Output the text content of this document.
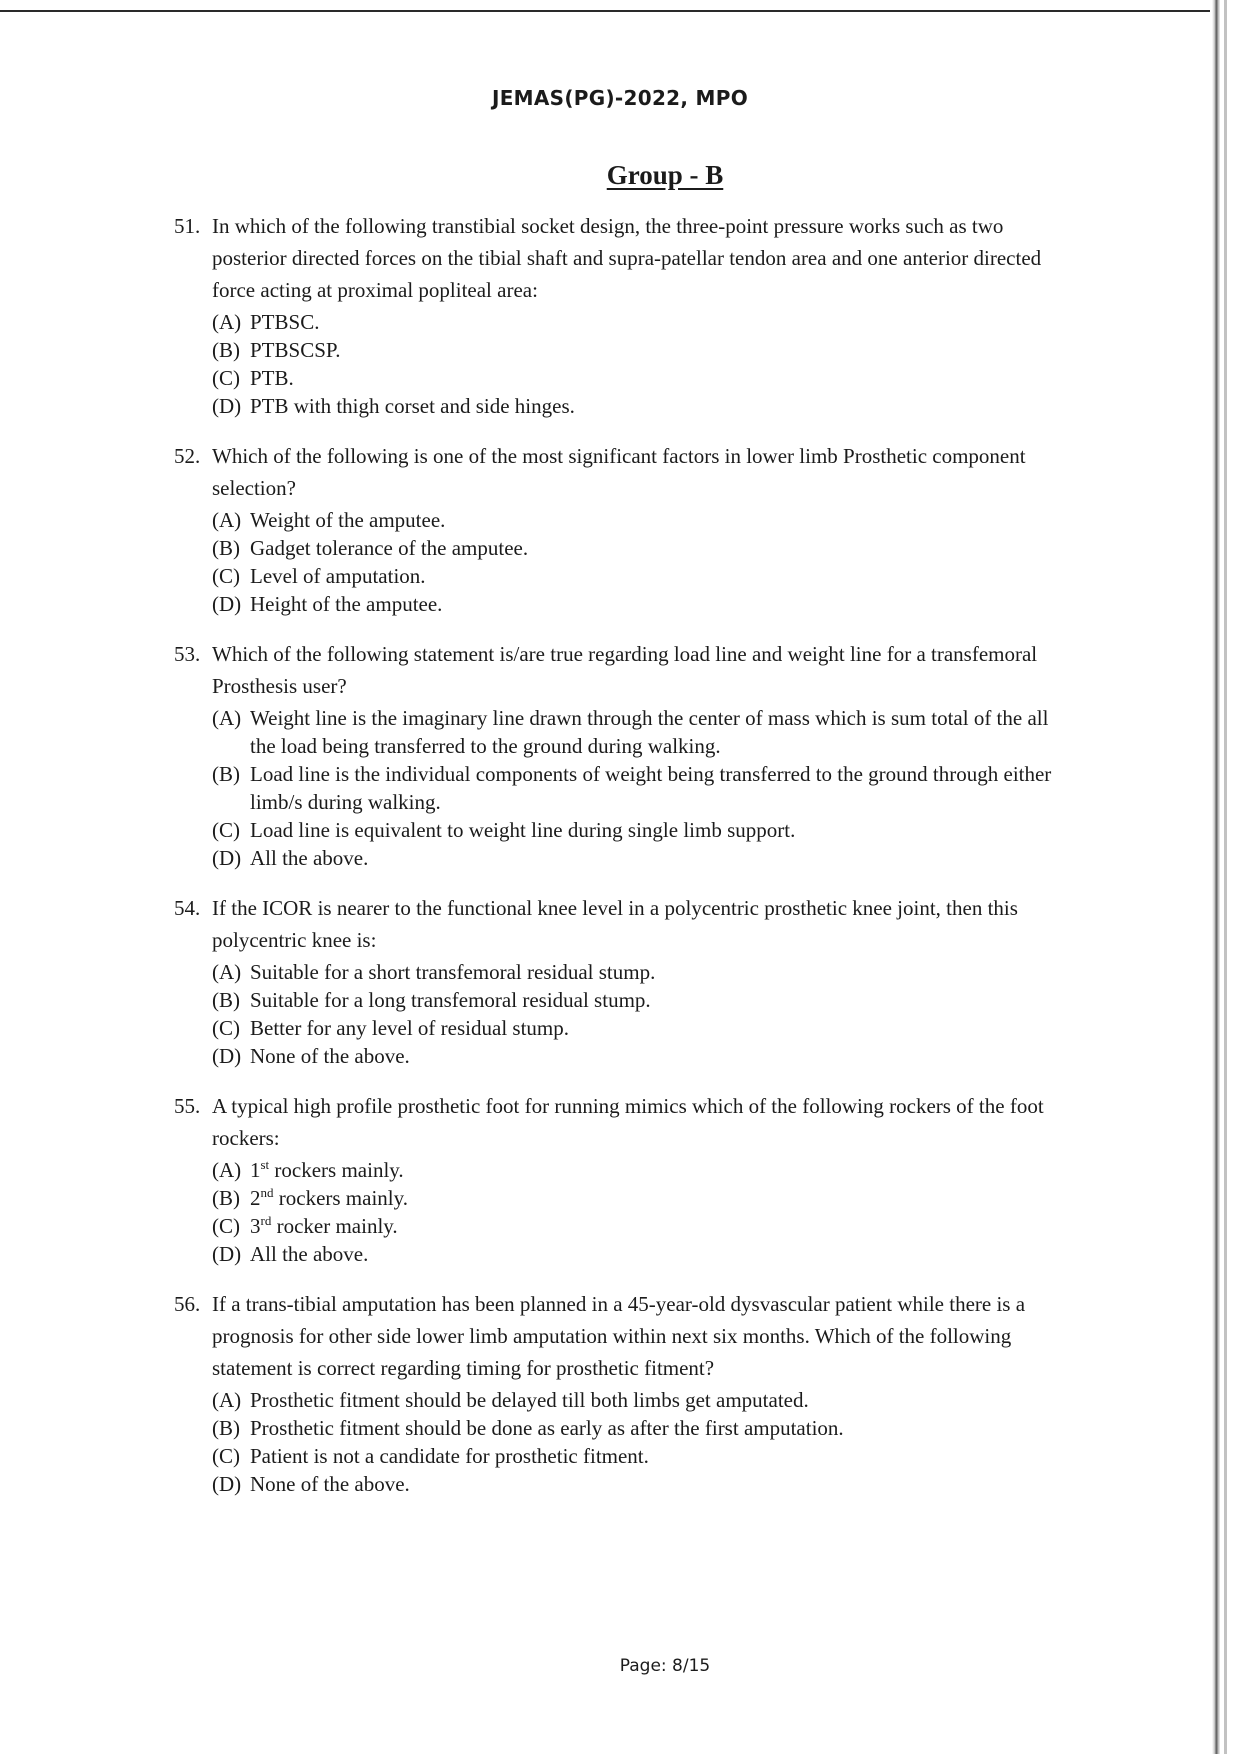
JEMAS(PG)-2022, MPO
Group - B
51. In which of the following transtibial socket design, the three-point pressure works such as two posterior directed forces on the tibial shaft and supra-patellar tendon area and one anterior directed force acting at proximal popliteal area:
(A) PTBSC.
(B) PTBSCSP.
(C) PTB.
(D) PTB with thigh corset and side hinges.
52. Which of the following is one of the most significant factors in lower limb Prosthetic component selection?
(A) Weight of the amputee.
(B) Gadget tolerance of the amputee.
(C) Level of amputation.
(D) Height of the amputee.
53. Which of the following statement is/are true regarding load line and weight line for a transfemoral Prosthesis user?
(A) Weight line is the imaginary line drawn through the center of mass which is sum total of the all the load being transferred to the ground during walking.
(B) Load line is the individual components of weight being transferred to the ground through either limb/s during walking.
(C) Load line is equivalent to weight line during single limb support.
(D) All the above.
54. If the ICOR is nearer to the functional knee level in a polycentric prosthetic knee joint, then this polycentric knee is:
(A) Suitable for a short transfemoral residual stump.
(B) Suitable for a long transfemoral residual stump.
(C) Better for any level of residual stump.
(D) None of the above.
55. A typical high profile prosthetic foot for running mimics which of the following rockers of the foot rockers:
(A) 1st rockers mainly.
(B) 2nd rockers mainly.
(C) 3rd rocker mainly.
(D) All the above.
56. If a trans-tibial amputation has been planned in a 45-year-old dysvascular patient while there is a prognosis for other side lower limb amputation within next six months. Which of the following statement is correct regarding timing for prosthetic fitment?
(A) Prosthetic fitment should be delayed till both limbs get amputated.
(B) Prosthetic fitment should be done as early as after the first amputation.
(C) Patient is not a candidate for prosthetic fitment.
(D) None of the above.
Page: 8/15
